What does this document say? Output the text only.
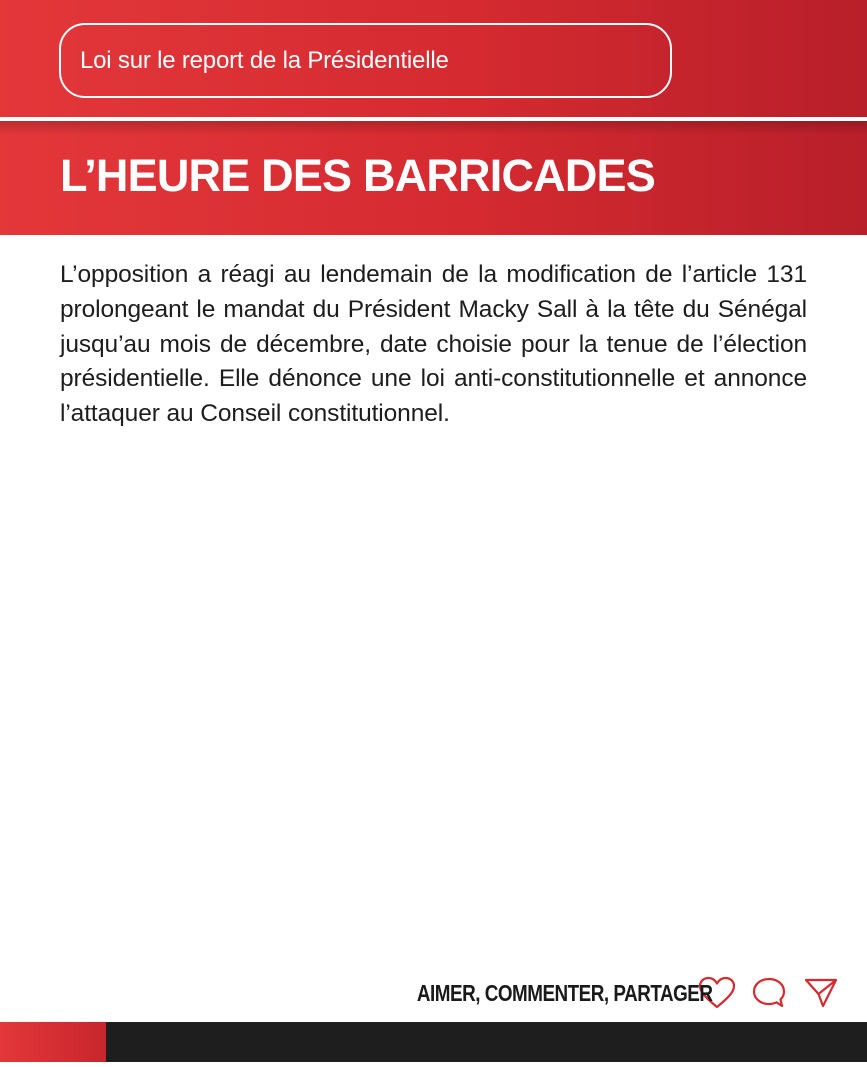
Loi sur le report de la Présidentielle
L’HEURE DES BARRICADES

L’opposition a réagi au lendemain de la modification de l’article 131 prolongeant le mandat du Président Macky Sall à la tête du Sénégal jusqu’au mois de décembre, date choisie pour la tenue de l’élection présidentielle. Elle dénonce une loi anti-constitutionnelle et annonce l’attaquer au Conseil constitutionnel.

AIMER, COMMENTER, PARTAGER
